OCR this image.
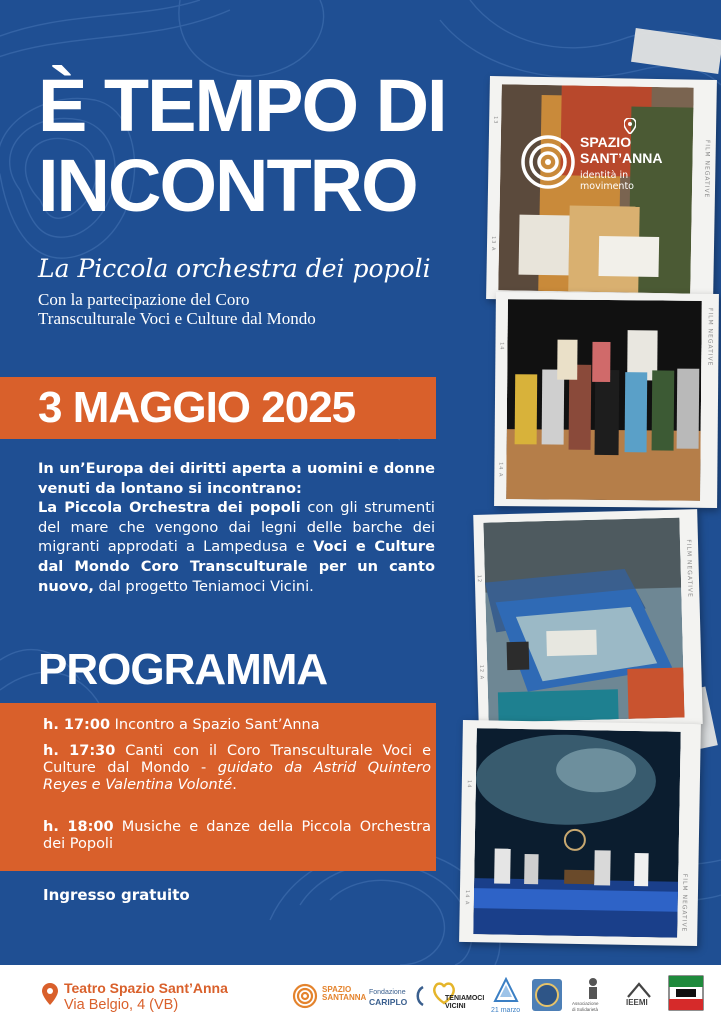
È TEMPO DI
INCONTRO
La Piccola orchestra dei popoli
Con la partecipazione del Coro
Transculturale Voci e Culture dal Mondo
3 MAGGIO 2025
In un’Europa dei diritti aperta a uomini e donne venuti da lontano si incontrano:
La Piccola Orchestra dei popoli con gli strumenti del mare che vengono dai legni delle barche dei migranti approdati a Lampedusa e Voci e Culture dal Mondo Coro Transculturale per un canto nuovo, dal progetto Teniamoci Vicini.
PROGRAMMA
h. 17:00 Incontro a Spazio Sant’Anna
h. 17:30 Canti con il Coro Transculturale Voci e Culture dal Mondo - guidato da Astrid Quintero Reyes e Valentina Volonté.
h. 18:00 Musiche e danze della Piccola Orchestra dei Popoli
Ingresso gratuito
FILM NEGATIVE
13
13 A
SPAZIO
SANT’ANNA
identità in
movimento
FILM NEGATIVE
14
14 A
FILM NEGATIVE
12
12 A
FILM NEGATIVE
14
14 A
Teatro Spazio Sant’Anna
Via Belgio, 4 (VB)
SPAZIO
SANTANNA
Fondazione
CARIPLO	TENIAMOCI
VICINI
21 marzo
Associazione
di Solidarietà
IEEMI
